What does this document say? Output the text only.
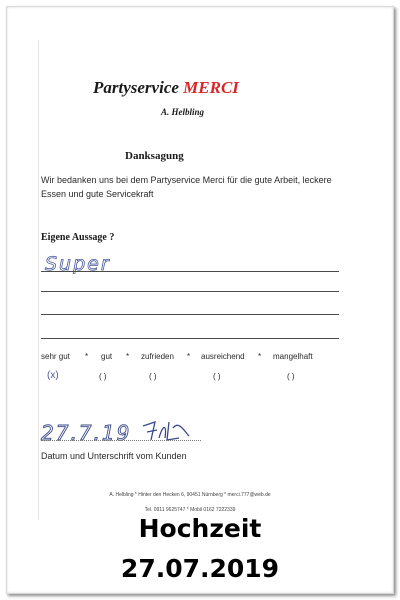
Partyservice MERCI
A. Helbling
Danksagung
Wir bedanken uns bei dem Partyservice Merci für die gute Arbeit, leckere Essen und gute Servicekraft
Eigene Aussage ?
Super
sehr gut * gut * zufrieden * ausreichend * mangelhaft
(x)	( )	( )	( )	( )
27.7.19
Datum und Unterschrift vom Kunden
A. Helbling * Hinter den Hecken 6, 90451 Nürnberg * merci.777@web.de
Tel. 0911 9625747 * Mobil 0162 7222339
Hochzeit
27.07.2019
